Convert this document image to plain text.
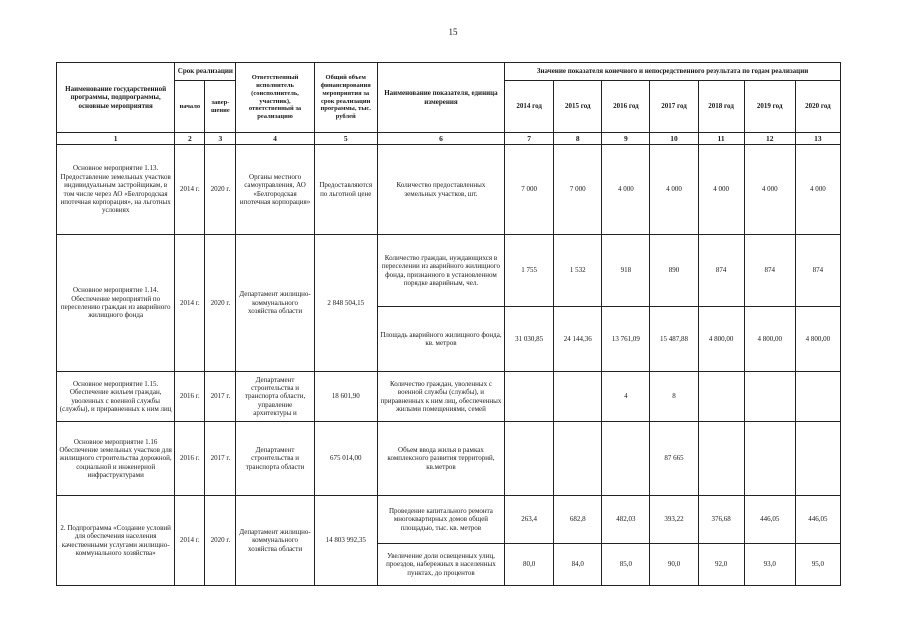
15
Наименование государственной программы, подпрограммы, основные мероприятия	Срок реализации		Ответственный исполнитель (соисполнитель, участник), ответственный за реализацию	Общий объем финансирования мероприятия за срок реализации программы, тыс. рублей	Наименование показателя, единица измерения	Значение показателя конечного и непосредственного результата по годам реализации						
	начало	завер-шение				2014 год	2015 год	2016 год	2017 год	2018 год	2019 год	2020 год
1	2	3	4	5	6	7	8	9	10	11	12	13
Основное мероприятие 1.13. Предоставление земельных участков индивидуальным застройщикам, в том числе через АО «Белгородская ипотечная корпорация», на льготных условиях	2014 г.	2020 г.	Органы местного самоуправления, АО «Белгородская ипотечная корпорация»	Предоставляются по льготной цене	Количество предоставленных земельных участков, шт.	7 000	7 000	4 000	4 000	4 000	4 000	4 000
Основное мероприятие 1.14. Обеспечение мероприятий по переселению граждан из аварийного жилищного фонда	2014 г.	2020 г.	Департамент жилищно-коммунального хозяйства области	2 848 504,15	Количество граждан, нуждающихся в переселении из аварийного жилищного фонда, признанного в установленном порядке аварийным, чел.	1 755	1 532	918	890	874	874	874
					Площадь аварийного жилищного фонда, кв. метров	31 030,85	24 144,36	13 761,09	15 487,88	4 800,00	4 800,00	4 800,00
Основное мероприятие 1.15. Обеспечение жильем граждан, уволенных с военной службы (службы), и приравненных к ним лиц	2016 г.	2017 г.	Департамент строительства и транспорта области, управление архитектуры и	18 601,90	Количество граждан, уволенных с военной службы (службы), и приравненных к ним лиц, обеспеченных жилыми помещениями, семей			4	8			
Основное мероприятие 1.16 Обеспечение земельных участков для жилищного строительства дорожной, социальной и инженерной инфраструктурами	2016 г.	2017 г.	Департамент строительства и транспорта области	675 014,00	Объем ввода жилья в рамках комплексного развития территорий, кв.метров				87 665			
2. Подпрограмма «Создание условий для обеспечения населения качественными услугами жилищно-коммунального хозяйства»	2014 г.	2020 г.	Департамент жилищно-коммунального хозяйства области	14 803 992,35	Проведение капитального ремонта многоквартирных домов общей площадью, тыс. кв. метров	263,4	682,8	482,03	393,22	376,68	446,05	446,05
					Увеличение доли освещенных улиц, проездов, набережных в населенных пунктах, до процентов	80,0	84,0	85,0	90,0	92,0	93,0	95,0
